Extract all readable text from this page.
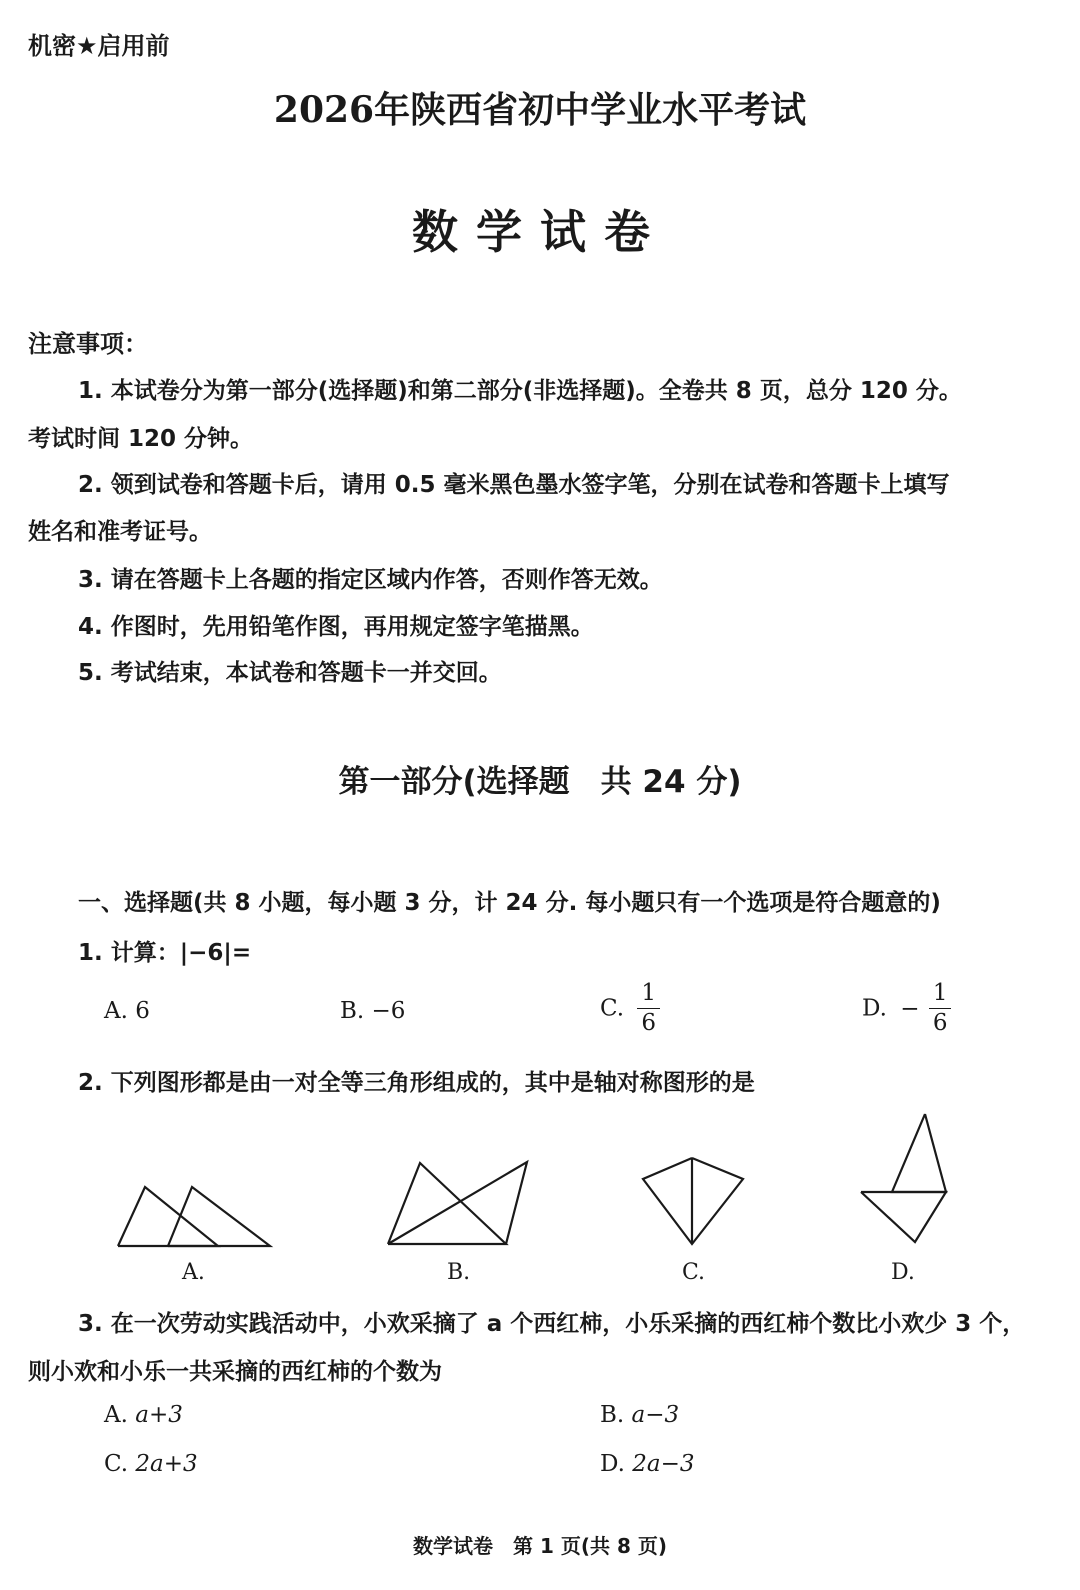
机密★启用前
2026年陕西省初中学业水平考试
数学试卷
注意事项：
1. 本试卷分为第一部分(选择题)和第二部分(非选择题)。全卷共 8 页，总分 120 分。
考试时间 120 分钟。
2. 领到试卷和答题卡后，请用 0.5 毫米黑色墨水签字笔，分别在试卷和答题卡上填写
姓名和准考证号。
3. 请在答题卡上各题的指定区域内作答，否则作答无效。
4. 作图时，先用铅笔作图，再用规定签字笔描黑。
5. 考试结束，本试卷和答题卡一并交回。
第一部分(选择题　共 24 分)
一、选择题(共 8 小题，每小题 3 分，计 24 分. 每小题只有一个选项是符合题意的)
1. 计算：|−6|=
A. 6	B. −6	C. $\frac{1}{6}$	D. − $\frac{1}{6}$
2. 下列图形都是由一对全等三角形组成的，其中是轴对称图形的是
A.	B.	C.	D.
3. 在一次劳动实践活动中，小欢采摘了 a 个西红柿，小乐采摘的西红柿个数比小欢少 3 个，
则小欢和小乐一共采摘的西红柿的个数为
A. a+3	B. a−3
C. 2a+3	D. 2a−3
数学试卷　第 1 页(共 8 页)
